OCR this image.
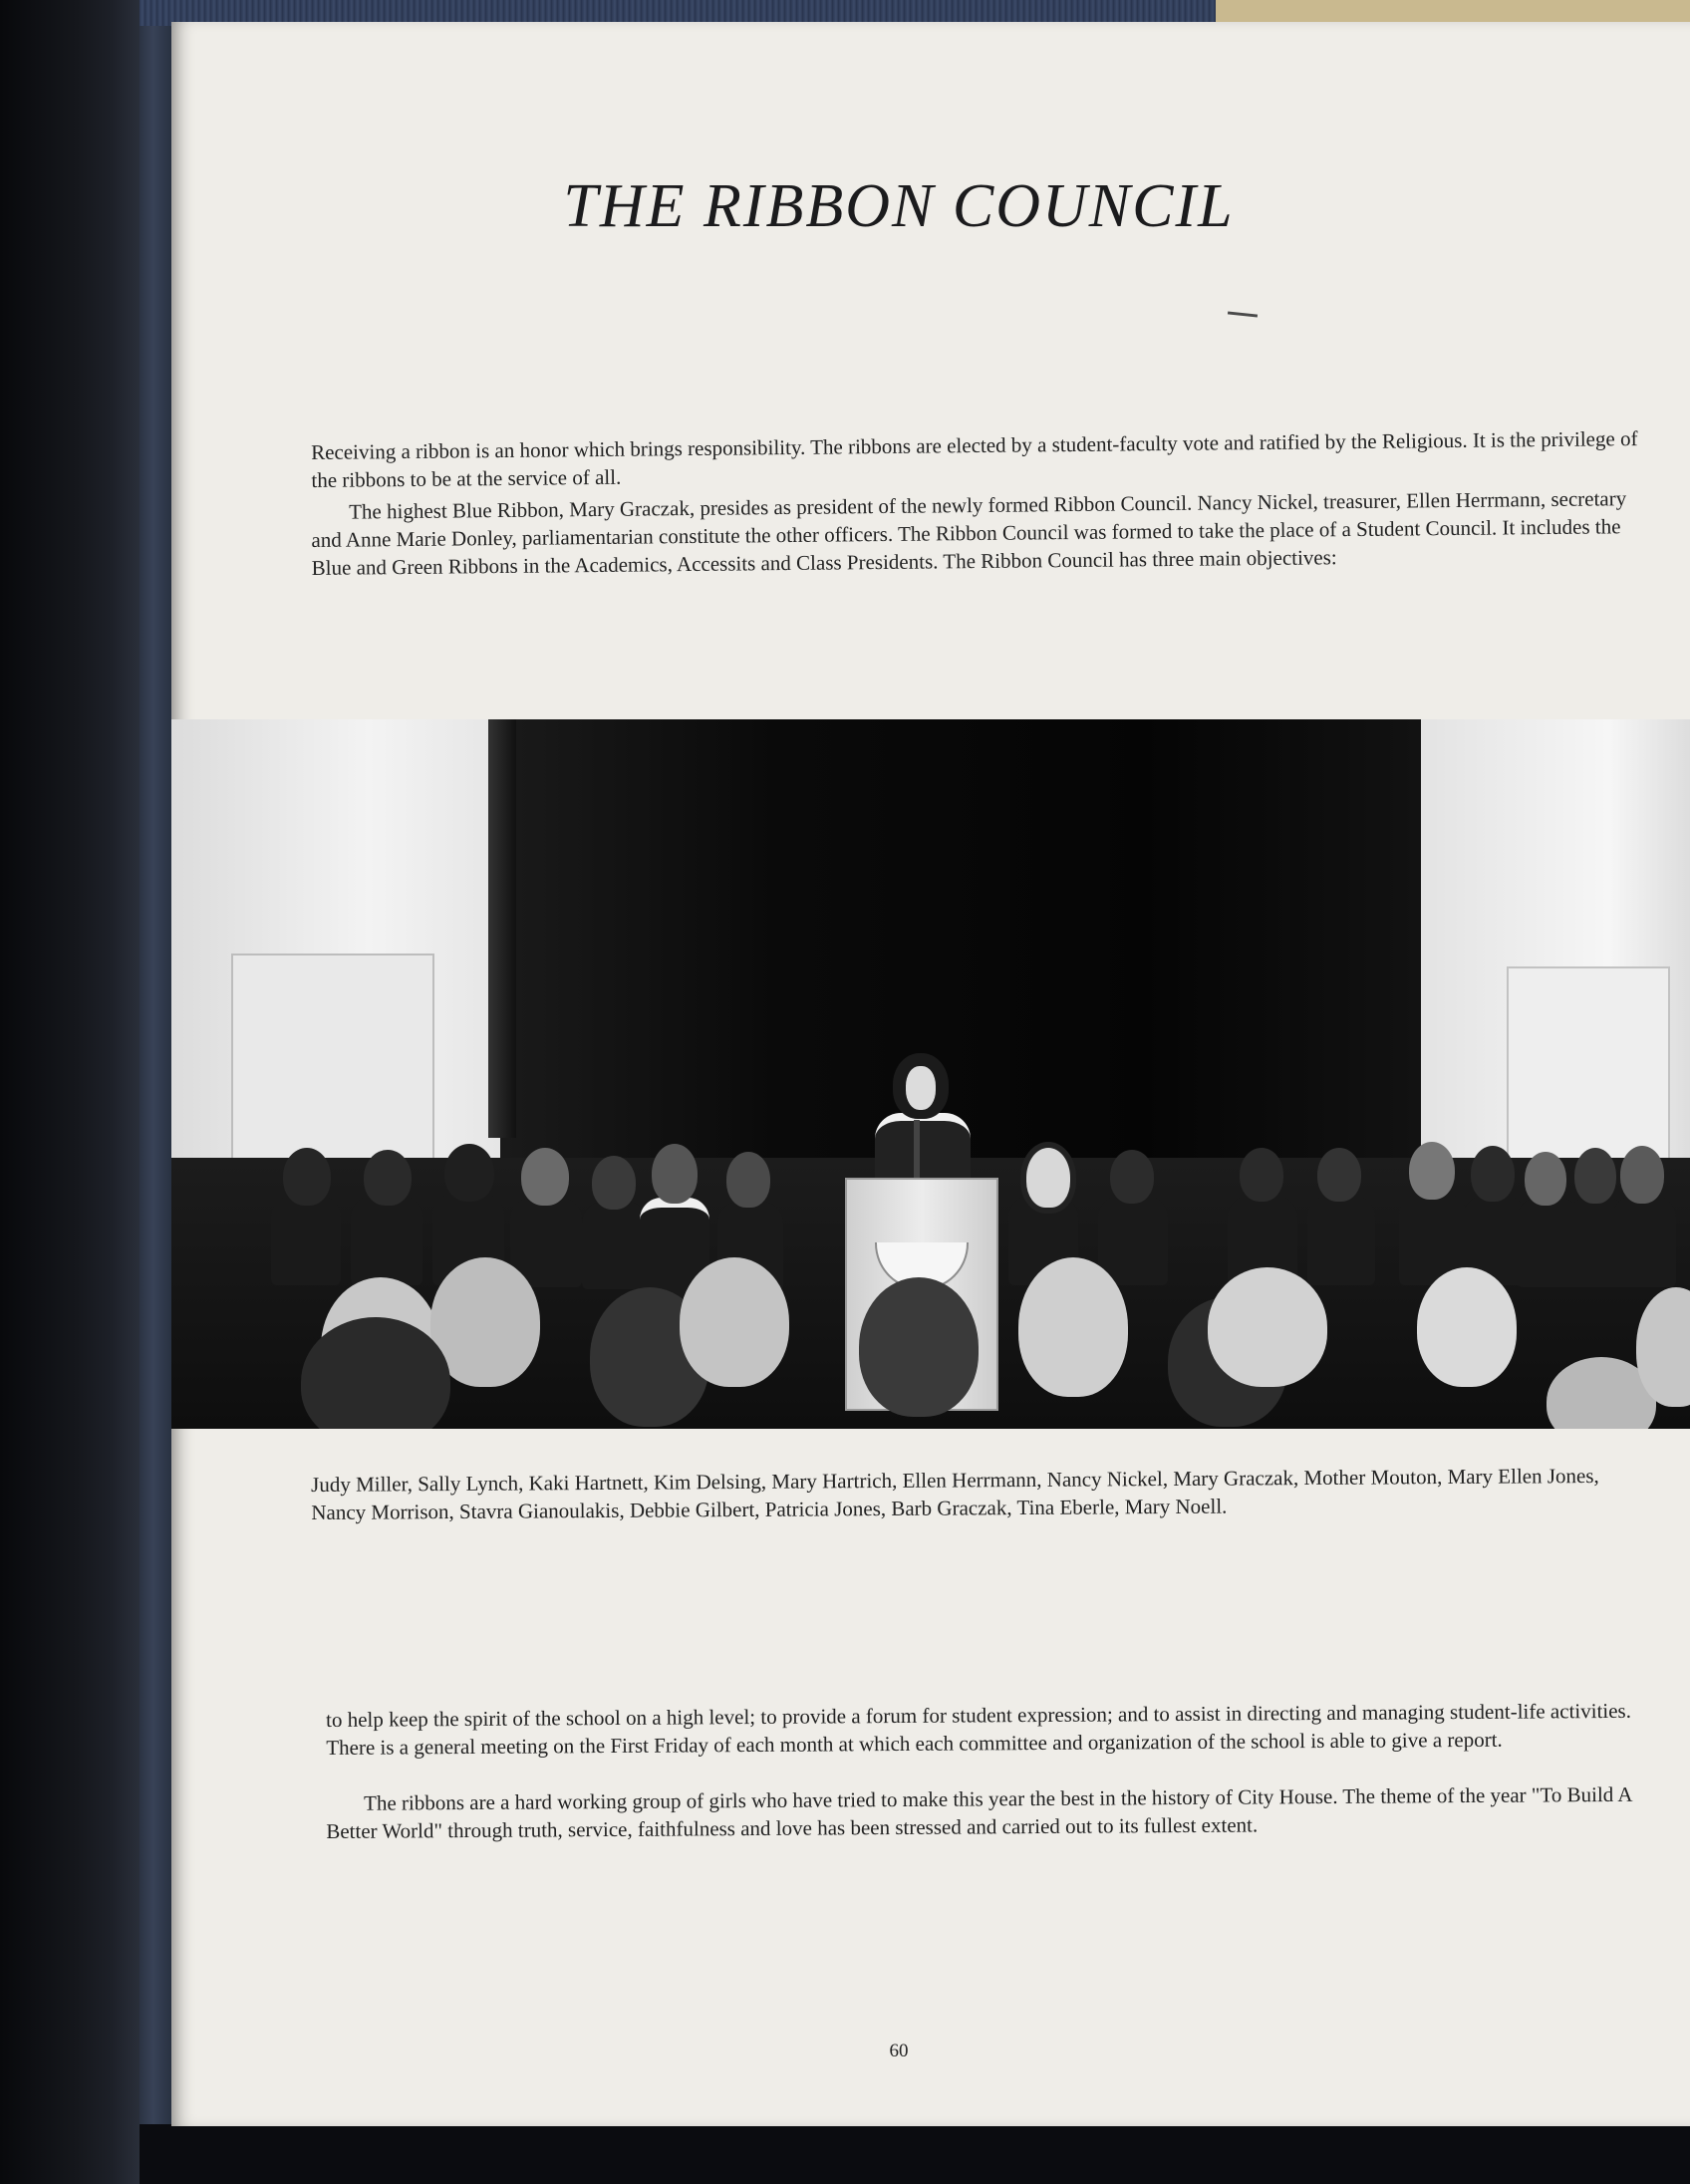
THE RIBBON COUNCIL

Receiving a ribbon is an honor which brings responsibility. The ribbons are elected by a student-faculty vote and ratified by the Religious. It is the privilege of the ribbons to be at the service of all.

The highest Blue Ribbon, Mary Graczak, presides as president of the newly formed Ribbon Council. Nancy Nickel, treasurer, Ellen Herrmann, secretary and Anne Marie Donley, parliamentarian constitute the other officers. The Ribbon Council was formed to take the place of a Student Council. It includes the Blue and Green Ribbons in the Academics, Accessits and Class Presidents. The Ribbon Council has three main objectives:

Judy Miller, Sally Lynch, Kaki Hartnett, Kim Delsing, Mary Hartrich, Ellen Herrmann, Nancy Nickel, Mary Graczak, Mother Mouton, Mary Ellen Jones, Nancy Morrison, Stavra Gianoulakis, Debbie Gilbert, Patricia Jones, Barb Graczak, Tina Eberle, Mary Noell.

to help keep the spirit of the school on a high level; to provide a forum for student expression; and to assist in directing and managing student-life activities. There is a general meeting on the First Friday of each month at which each committee and organization of the school is able to give a report.

The ribbons are a hard working group of girls who have tried to make this year the best in the history of City House. The theme of the year "To Build A Better World" through truth, service, faithfulness and love has been stressed and carried out to its fullest extent.

60
